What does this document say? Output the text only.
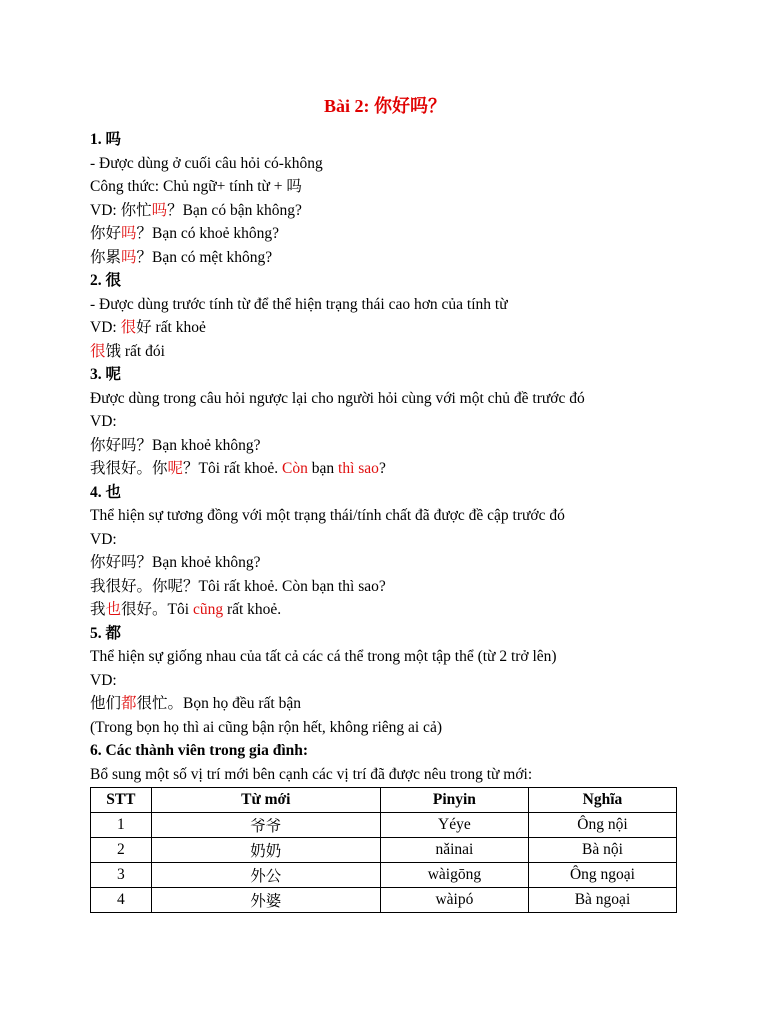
Bài 2: 你好吗？
1. 吗
- Được dùng ở cuối câu hỏi có-không
Công thức: Chủ ngữ+ tính từ + 吗
VD: 你忙吗？Bạn có bận không?
你好吗？Bạn có khoẻ không?
你累吗？Bạn có mệt không?
2. 很
- Được dùng trước tính từ để thể hiện trạng thái cao hơn của tính từ
VD: 很好 rất khoẻ
很饿 rất đói
3. 呢
Được dùng trong câu hỏi ngược lại cho người hỏi cùng với một chủ đề trước đó
VD:
你好吗？Bạn khoẻ không?
我很好。你呢？Tôi rất khoẻ. Còn bạn thì sao?
4. 也
Thể hiện sự tương đồng với một trạng thái/tính chất đã được đề cập trước đó
VD:
你好吗？Bạn khoẻ không?
我很好。你呢？Tôi rất khoẻ. Còn bạn thì sao?
我也很好。Tôi cũng rất khoẻ.
5. 都
Thể hiện sự giống nhau của tất cả các cá thể trong một tập thể (từ 2 trở lên)
VD:
他们都很忙。Bọn họ đều rất bận
(Trong bọn họ thì ai cũng bận rộn hết, không riêng ai cả)
6. Các thành viên trong gia đình:
Bổ sung một số vị trí mới bên cạnh các vị trí đã được nêu trong từ mới:
STT	Từ mới	Pinyin	Nghĩa
1	爷爷	Yéye	Ông nội
2	奶奶	nǎinai	Bà nội
3	外公	wàigōng	Ông ngoại
4	外婆	wàipó	Bà ngoại
